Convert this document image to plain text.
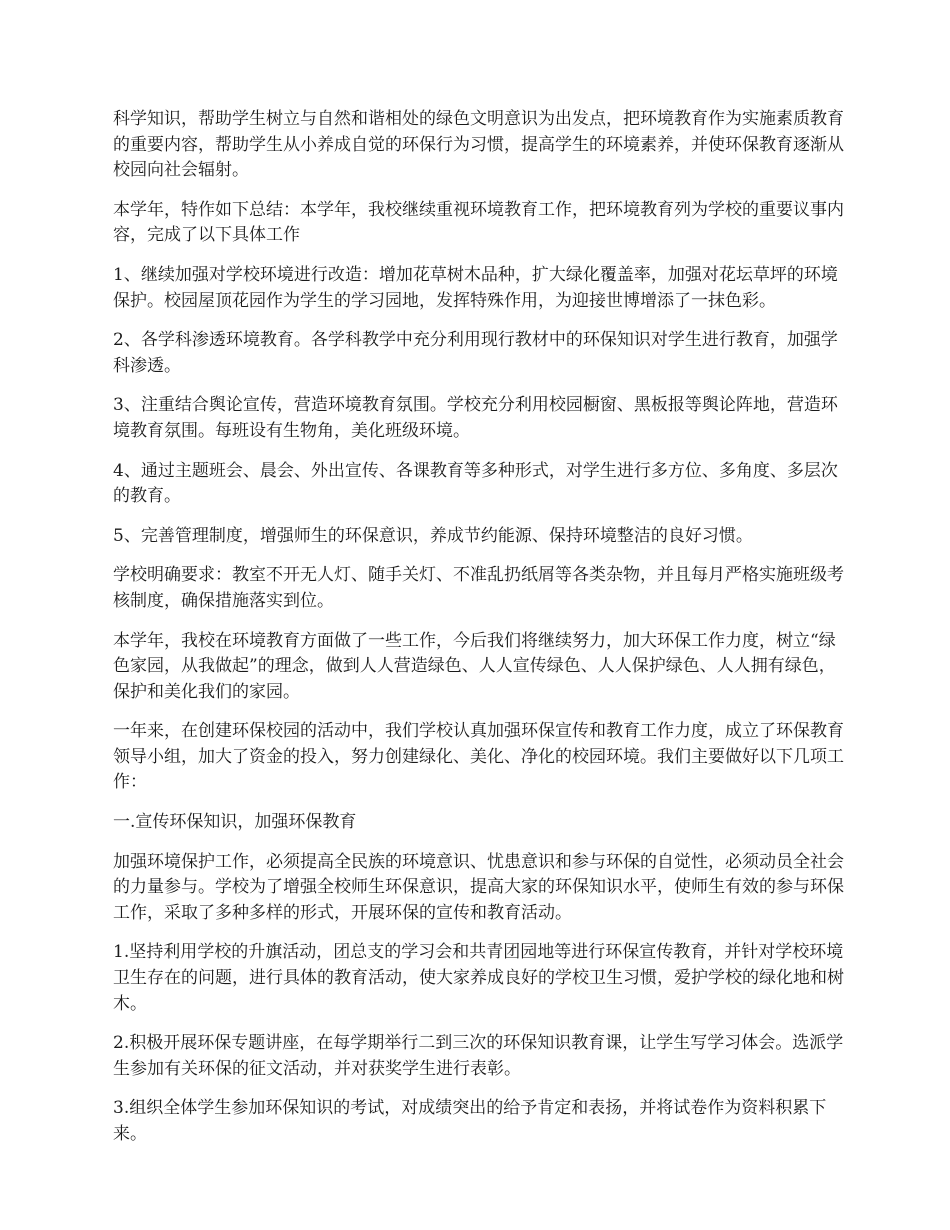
科学知识，帮助学生树立与自然和谐相处的绿色文明意识为出发点，把环境教育作为实施素质教育的重要内容，帮助学生从小养成自觉的环保行为习惯，提高学生的环境素养，并使环保教育逐渐从校园向社会辐射。

本学年，特作如下总结：本学年，我校继续重视环境教育工作，把环境教育列为学校的重要议事内容，完成了以下具体工作

1、继续加强对学校环境进行改造：增加花草树木品种，扩大绿化覆盖率，加强对花坛草坪的环境保护。校园屋顶花园作为学生的学习园地，发挥特殊作用，为迎接世博增添了一抹色彩。

2、各学科渗透环境教育。各学科教学中充分利用现行教材中的环保知识对学生进行教育，加强学科渗透。

3、注重结合舆论宣传，营造环境教育氛围。学校充分利用校园橱窗、黑板报等舆论阵地，营造环境教育氛围。每班设有生物角，美化班级环境。

4、通过主题班会、晨会、外出宣传、各课教育等多种形式，对学生进行多方位、多角度、多层次的教育。

5、完善管理制度，增强师生的环保意识，养成节约能源、保持环境整洁的良好习惯。

学校明确要求：教室不开无人灯、随手关灯、不准乱扔纸屑等各类杂物，并且每月严格实施班级考核制度，确保措施落实到位。

本学年，我校在环境教育方面做了一些工作，今后我们将继续努力，加大环保工作力度，树立“绿色家园，从我做起”的理念，做到人人营造绿色、人人宣传绿色、人人保护绿色、人人拥有绿色，保护和美化我们的家园。

一年来，在创建环保校园的活动中，我们学校认真加强环保宣传和教育工作力度，成立了环保教育领导小组，加大了资金的投入，努力创建绿化、美化、净化的校园环境。我们主要做好以下几项工作：

一.宣传环保知识，加强环保教育

加强环境保护工作，必须提高全民族的环境意识、忧患意识和参与环保的自觉性，必须动员全社会的力量参与。学校为了增强全校师生环保意识，提高大家的环保知识水平，使师生有效的参与环保工作，采取了多种多样的形式，开展环保的宣传和教育活动。

1.坚持利用学校的升旗活动，团总支的学习会和共青团园地等进行环保宣传教育，并针对学校环境卫生存在的问题，进行具体的教育活动，使大家养成良好的学校卫生习惯，爱护学校的绿化地和树木。

2.积极开展环保专题讲座，在每学期举行二到三次的环保知识教育课，让学生写学习体会。选派学生参加有关环保的征文活动，并对获奖学生进行表彰。

3.组织全体学生参加环保知识的考试，对成绩突出的给予肯定和表扬，并将试卷作为资料积累下来。
